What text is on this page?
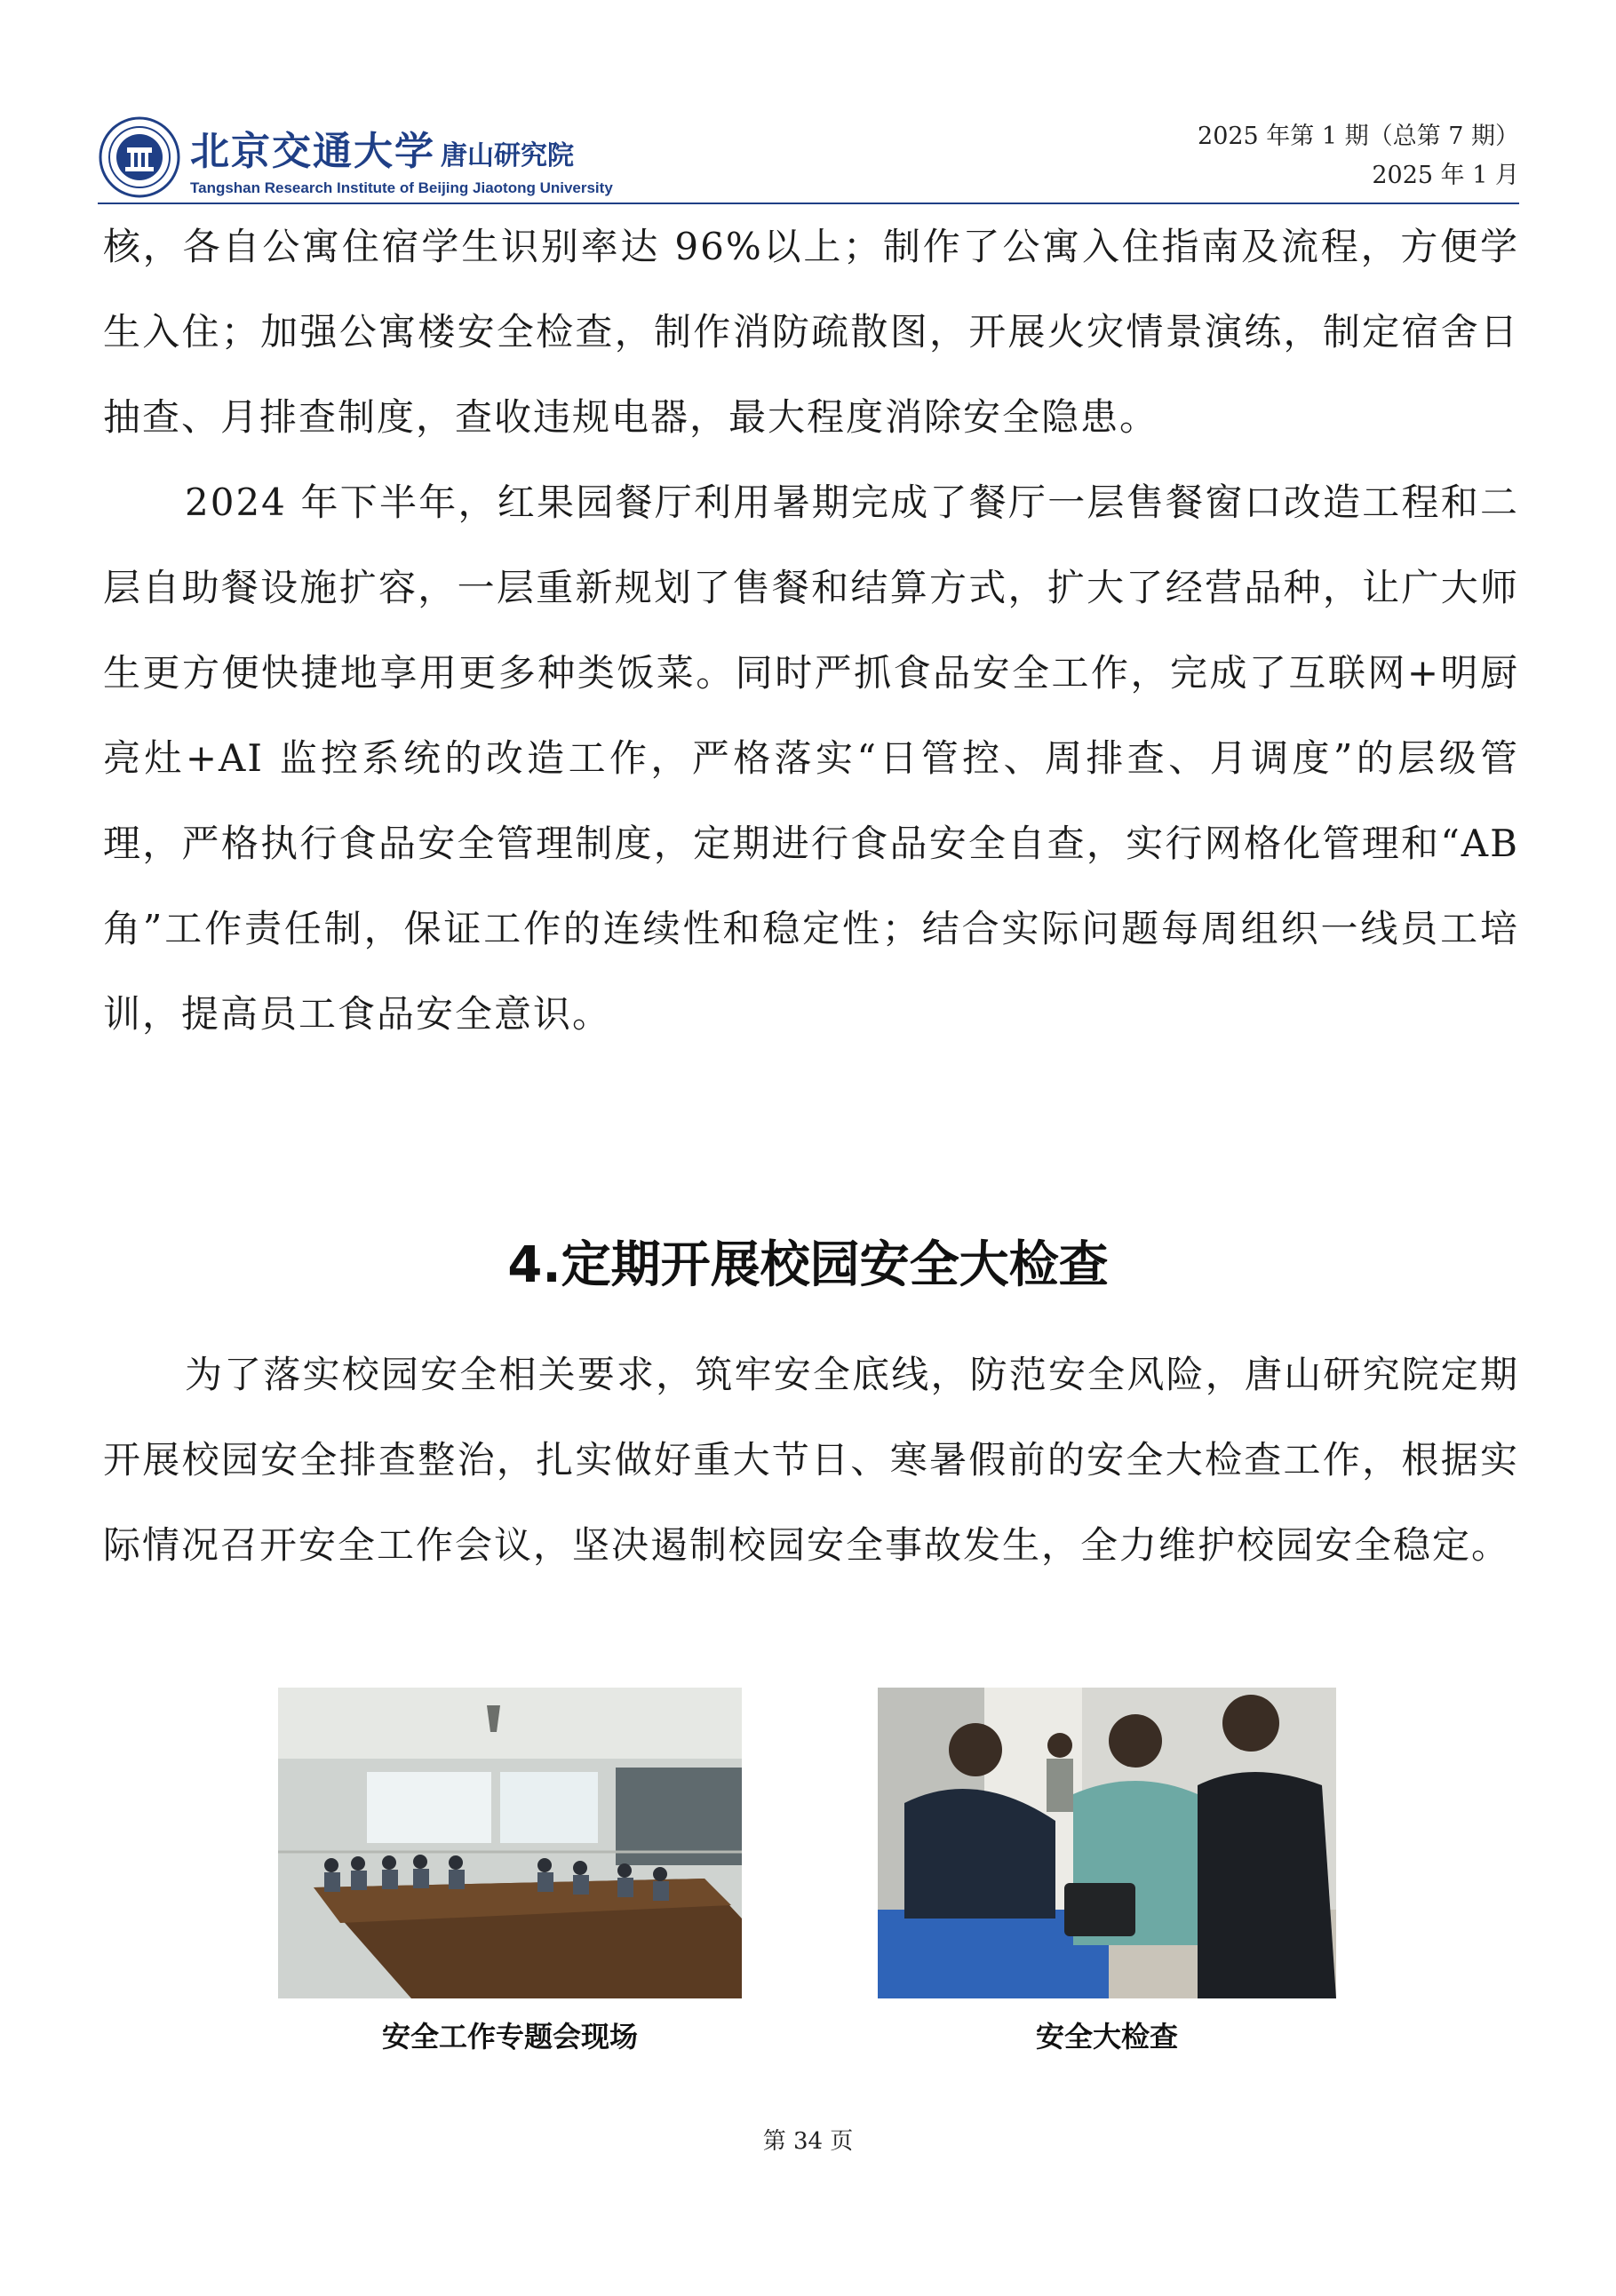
北京交通大学 唐山研究院
Tangshan Research Institute of Beijing Jiaotong University
2025 年第 1 期（总第 7 期）
2025 年 1 月

核，各自公寓住宿学生识别率达 96%以上；制作了公寓入住指南及流程，方便学生入住；加强公寓楼安全检查，制作消防疏散图，开展火灾情景演练，制定宿舍日抽查、月排查制度，查收违规电器，最大程度消除安全隐患。

2024 年下半年，红果园餐厅利用暑期完成了餐厅一层售餐窗口改造工程和二层自助餐设施扩容，一层重新规划了售餐和结算方式，扩大了经营品种，让广大师生更方便快捷地享用更多种类饭菜。同时严抓食品安全工作，完成了互联网+明厨亮灶+AI 监控系统的改造工作，严格落实“日管控、周排查、月调度”的层级管理，严格执行食品安全管理制度，定期进行食品安全自查，实行网格化管理和“AB 角”工作责任制，保证工作的连续性和稳定性；结合实际问题每周组织一线员工培训，提高员工食品安全意识。

4.定期开展校园安全大检查

为了落实校园安全相关要求，筑牢安全底线，防范安全风险，唐山研究院定期开展校园安全排查整治，扎实做好重大节日、寒暑假前的安全大检查工作，根据实际情况召开安全工作会议，坚决遏制校园安全事故发生，全力维护校园安全稳定。

安全工作专题会现场	安全大检查
第 34 页
